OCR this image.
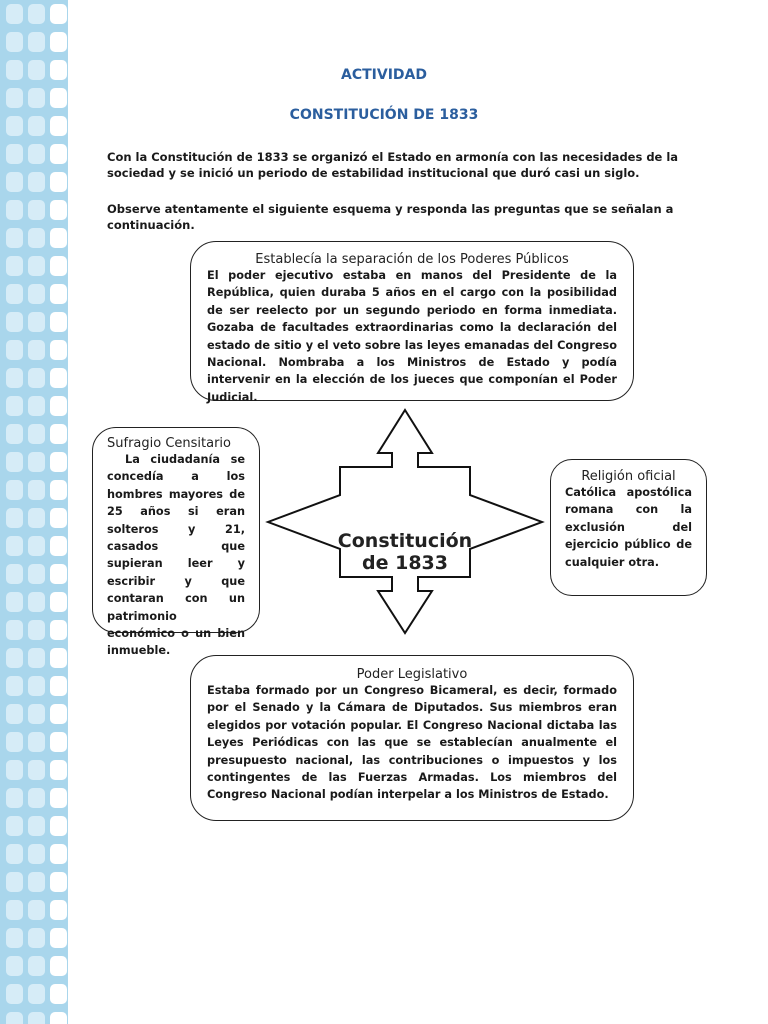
ACTIVIDAD
CONSTITUCIÓN DE 1833
Con la Constitución de 1833 se organizó el Estado en armonía con las necesidades de la sociedad y se inició un periodo de estabilidad institucional que duró casi un siglo.
Observe atentamente el siguiente esquema y responda las preguntas que se señalan a continuación.
Establecía la separación de los Poderes Públicos
El poder ejecutivo estaba en manos del Presidente de la República, quien duraba 5 años en el cargo con la posibilidad de ser reelecto por un segundo periodo en forma inmediata. Gozaba de facultades extraordinarias como la declaración del estado de sitio y el veto sobre las leyes emanadas del Congreso Nacional. Nombraba a los Ministros de Estado y podía intervenir en la elección de los jueces que componían el Poder Judicial.
Sufragio Censitario
La ciudadanía se concedía a los hombres mayores de 25 años si eran solteros y 21, casados que supieran leer y escribir y que contaran con un patrimonio económico o un bien inmueble.
Religión oficial
Católica apostólica romana con la exclusión del ejercicio público de cualquier otra.
Poder Legislativo
Estaba formado por un Congreso Bicameral, es decir, formado por el Senado y la Cámara de Diputados. Sus miembros eran elegidos por votación popular. El Congreso Nacional dictaba las Leyes Periódicas con las que se establecían anualmente el presupuesto nacional, las contribuciones o impuestos y los contingentes de las Fuerzas Armadas. Los miembros del Congreso Nacional podían interpelar a los Ministros de Estado.
Constitución de 1833
